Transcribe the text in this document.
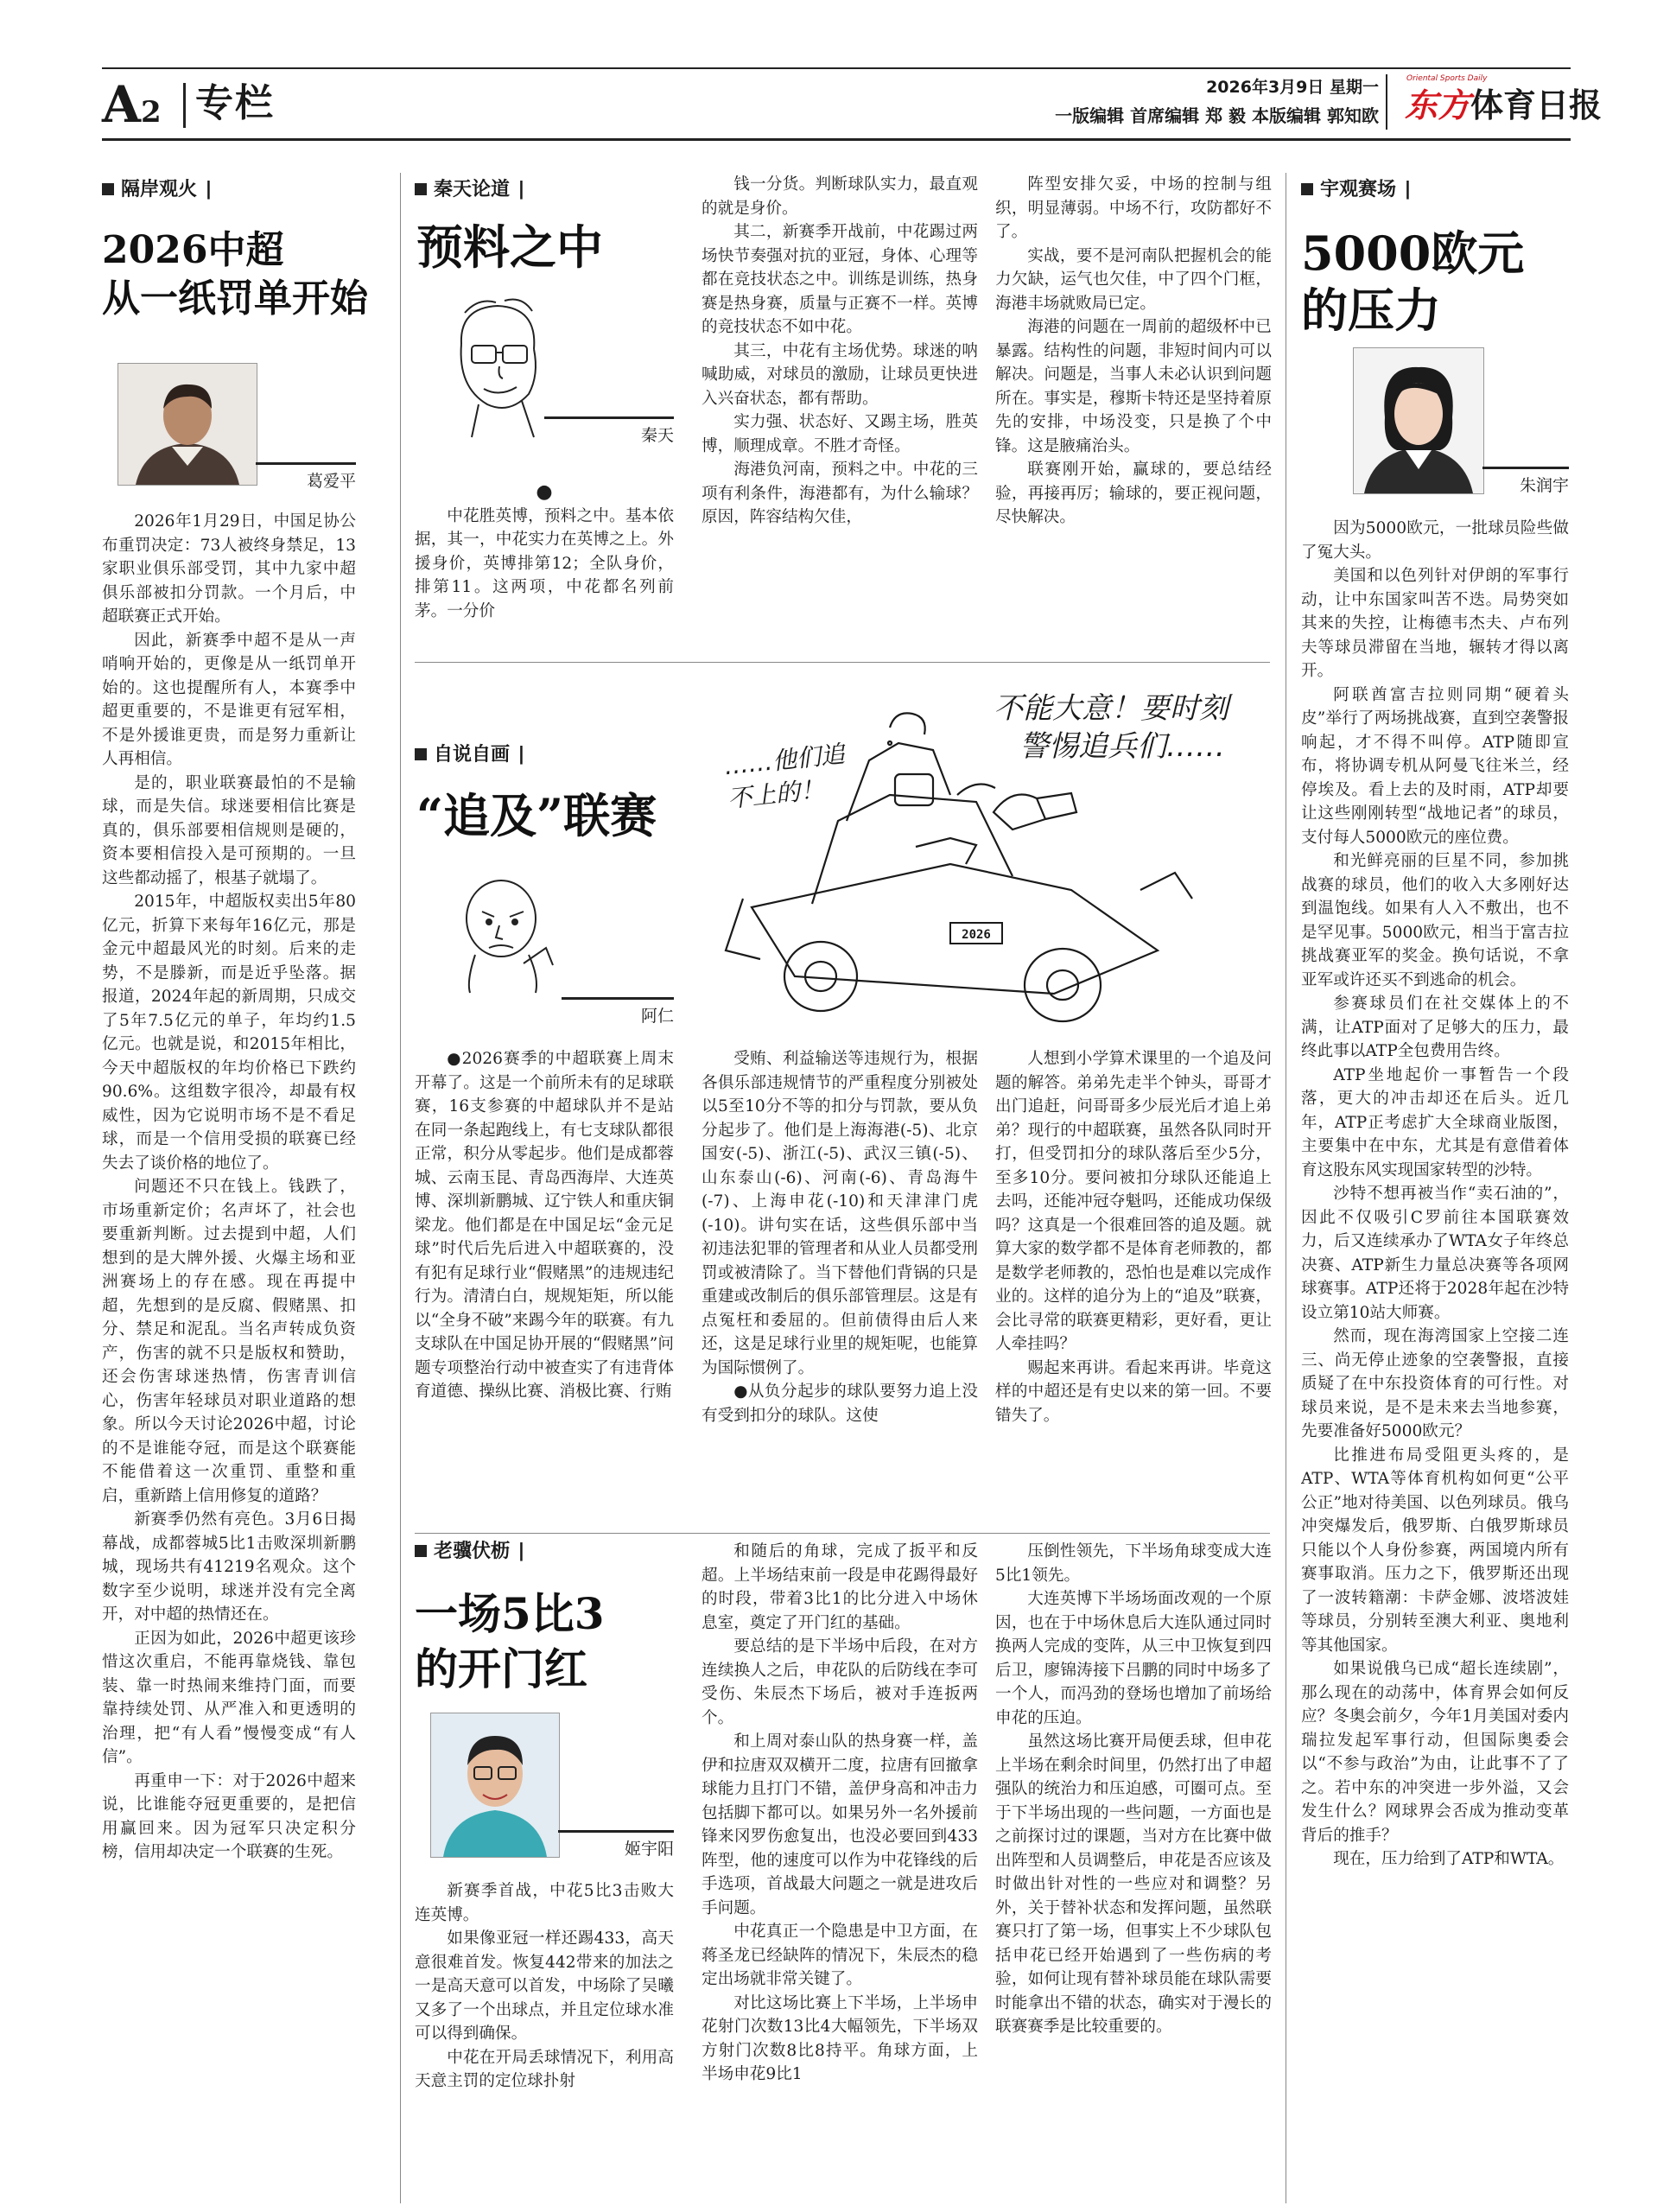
A2 专栏	2026年3月9日 星期一
一版编辑 首席编辑 郑 毅 本版编辑 郭知欧
Oriental Sports Daily
东方体育日报
隔岸观火 ∣
2026中超
从一纸罚单开始
葛爱平

2026年1月29日，中国足协公布重罚决定：73人被终身禁足，13家职业俱乐部受罚，其中九家中超俱乐部被扣分罚款。一个月后，中超联赛正式开始。

因此，新赛季中超不是从一声哨响开始的，更像是从一纸罚单开始的。这也提醒所有人，本赛季中超更重要的，不是谁更有冠军相，不是外援谁更贵，而是努力重新让人再相信。

是的，职业联赛最怕的不是输球，而是失信。球迷要相信比赛是真的，俱乐部要相信规则是硬的，资本要相信投入是可预期的。一旦这些都动摇了，根基子就塌了。

2015年，中超版权卖出5年80亿元，折算下来每年16亿元，那是金元中超最风光的时刻。后来的走势，不是滕新，而是近乎坠落。据报道，2024年起的新周期，只成交了5年7.5亿元的单子，年均约1.5亿元。也就是说，和2015年相比，今天中超版权的年均价格已下跌约90.6%。这组数字很冷，却最有权威性，因为它说明市场不是不看足球，而是一个信用受损的联赛已经失去了谈价格的地位了。

问题还不只在钱上。钱跌了，市场重新定价；名声坏了，社会也要重新判断。过去提到中超，人们想到的是大牌外援、火爆主场和亚洲赛场上的存在感。现在再提中超，先想到的是反腐、假赌黑、扣分、禁足和泥乱。当名声转成负资产，伤害的就不只是版权和赞助，还会伤害球迷热情，伤害青训信心，伤害年轻球员对职业道路的想象。所以今天讨论2026中超，讨论的不是谁能夺冠，而是这个联赛能不能借着这一次重罚、重整和重启，重新踏上信用修复的道路？

新赛季仍然有亮色。3月6日揭幕战，成都蓉城5比1击败深圳新鹏城，现场共有41219名观众。这个数字至少说明，球迷并没有完全离开，对中超的热情还在。

正因为如此，2026中超更该珍惜这次重启，不能再靠烧钱、靠包装、靠一时热闹来维持门面，而要靠持续处罚、从严准入和更透明的治理，把“有人看”慢慢变成“有人信”。

再重申一下：对于2026中超来说，比谁能夺冠更重要的，是把信用赢回来。因为冠军只决定积分榜，信用却决定一个联赛的生死。

秦天论道 ∣
预料之中
秦天

●

中花胜英博，预料之中。基本依据，其一，中花实力在英博之上。外援身价，英博排第12；全队身价，排第11。这两项，中花都名列前茅。一分价

钱一分货。判断球队实力，最直观的就是身价。

其二，新赛季开战前，中花踢过两场快节奏强对抗的亚冠，身体、心理等都在竞技状态之中。训练是训练，热身赛是热身赛，质量与正赛不一样。英博的竞技状态不如中花。

其三，中花有主场优势。球迷的呐喊助威，对球员的激励，让球员更快进入兴奋状态，都有帮助。

实力强、状态好、又踢主场，胜英博，顺理成章。不胜才奇怪。

海港负河南，预料之中。中花的三项有利条件，海港都有，为什么输球？原因，阵容结构欠佳，

阵型安排欠妥，中场的控制与组织，明显薄弱。中场不行，攻防都好不了。

实战，要不是河南队把握机会的能力欠缺，运气也欠佳，中了四个门框，海港丰场就败局已定。

海港的问题在一周前的超级杯中已暴露。结构性的问题，非短时间内可以解决。问题是，当事人未必认识到问题所在。事实是，穆斯卡特还是坚持着原先的安排，中场没变，只是换了个中锋。这是腋痛治头。

联赛刚开始，赢球的，要总结经验，再接再厉；输球的，要正视问题，尽快解决。

自说自画 ∣
“追及”联赛
阿仁
2026
……他们追不上的！
不能大意！要时刻
警惕追兵们……

●2026赛季的中超联赛上周末开幕了。这是一个前所未有的足球联赛，16支参赛的中超球队并不是站在同一条起跑线上，有七支球队都很正常，积分从零起步。他们是成都蓉城、云南玉昆、青岛西海岸、大连英博、深圳新鹏城、辽宁铁人和重庆铜梁龙。他们都是在中国足坛“金元足球”时代后先后进入中超联赛的，没有犯有足球行业“假赌黑”的违规违纪行为。清清白白，规规矩矩，所以能以“全身不破”来踢今年的联赛。有九支球队在中国足协开展的“假赌黑”问题专项整治行动中被查实了有违背体育道德、操纵比赛、消极比赛、行贿

受贿、利益输送等违规行为，根据各俱乐部违规情节的严重程度分别被处以5至10分不等的扣分与罚款，要从负分起步了。他们是上海海港(-5)、北京国安(-5)、浙江(-5)、武汉三镇(-5)、山东泰山(-6)、河南(-6)、青岛海牛(-7)、上海申花(-10)和天津津门虎(-10)。讲句实在话，这些俱乐部中当初违法犯罪的管理者和从业人员都受刑罚或被清除了。当下替他们背锅的只是重建或改制后的俱乐部管理层。这是有点冤枉和委屈的。但前债得由后人来还，这是足球行业里的规矩呢，也能算为国际惯例了。

●从负分起步的球队要努力追上没有受到扣分的球队。这使

人想到小学算术课里的一个追及问题的解答。弟弟先走半个钟头，哥哥才出门追赶，问哥哥多少辰光后才追上弟弟？现行的中超联赛，虽然各队同时开打，但受罚扣分的球队落后至少5分，至多10分。要问被扣分球队还能追上去吗，还能冲冠夺魁吗，还能成功保级吗？这真是一个很难回答的追及题。就算大家的数学都不是体育老师教的，都是数学老师教的，恐怕也是难以完成作业的。这样的追分为上的“追及”联赛，会比寻常的联赛更精彩，更好看，更让人牵挂吗？

赐起来再讲。看起来再讲。毕竟这样的中超还是有史以来的第一回。不要错失了。

老骥伏枥 ∣
一场5比3
的开门红
姬宇阳

新赛季首战，中花5比3击败大连英博。

如果像亚冠一样还踢433，高天意很难首发。恢复442带来的加法之一是高天意可以首发，中场除了吴曦又多了一个出球点，并且定位球水准可以得到确保。

中花在开局丢球情况下，利用高天意主罚的定位球扑射

和随后的角球，完成了扳平和反超。上半场结束前一段是申花踢得最好的时段，带着3比1的比分进入中场休息室，奠定了开门红的基础。

要总结的是下半场中后段，在对方连续换人之后，申花队的后防线在李可受伤、朱辰杰下场后，被对手连扳两个。

和上周对泰山队的热身赛一样，盖伊和拉唐双双横开二度，拉唐有回撤拿球能力且打门不错，盖伊身高和冲击力包括脚下都可以。如果另外一名外援前锋来冈罗伤愈复出，也没必要回到433阵型，他的速度可以作为中花锋线的后手选项，首战最大问题之一就是进攻后手问题。

中花真正一个隐患是中卫方面，在蒋圣龙已经缺阵的情况下，朱辰杰的稳定出场就非常关键了。

对比这场比赛上下半场，上半场申花射门次数13比4大幅领先，下半场双方射门次数8比8持平。角球方面，上半场申花9比1

压倒性领先，下半场角球变成大连5比1领先。

大连英博下半场场面改观的一个原因，也在于中场休息后大连队通过同时换两人完成的变阵，从三中卫恢复到四后卫，廖锦涛接下吕鹏的同时中场多了一个人，而冯劲的登场也增加了前场给申花的压迫。

虽然这场比赛开局便丢球，但申花上半场在剩余时间里，仍然打出了申超强队的统治力和压迫感，可圈可点。至于下半场出现的一些问题，一方面也是之前探讨过的课题，当对方在比赛中做出阵型和人员调整后，申花是否应该及时做出针对性的一些应对和调整？另外，关于替补状态和发挥问题，虽然联赛只打了第一场，但事实上不少球队包括申花已经开始遇到了一些伤病的考验，如何让现有替补球员能在球队需要时能拿出不错的状态，确实对于漫长的联赛赛季是比较重要的。

宇观赛场 ∣
5000欧元
的压力
朱润宇

因为5000欧元，一批球员险些做了冤大头。

美国和以色列针对伊朗的军事行动，让中东国家叫苦不迭。局势突如其来的失控，让梅德韦杰夫、卢布列夫等球员滞留在当地，辗转才得以离开。

阿联酋富吉拉则同期“硬着头皮”举行了两场挑战赛，直到空袭警报响起，才不得不叫停。ATP随即宣布，将协调专机从阿曼飞往米兰，经停埃及。看上去的及时雨，ATP却要让这些刚刚转型“战地记者”的球员，支付每人5000欧元的座位费。

和光鲜亮丽的巨星不同，参加挑战赛的球员，他们的收入大多刚好达到温饱线。如果有人入不敷出，也不是罕见事。5000欧元，相当于富吉拉挑战赛亚军的奖金。换句话说，不拿亚军或许还买不到逃命的机会。

参赛球员们在社交媒体上的不满，让ATP面对了足够大的压力，最终此事以ATP全包费用告终。

ATP坐地起价一事暂告一个段落，更大的冲击却还在后头。近几年，ATP正考虑扩大全球商业版图，主要集中在中东，尤其是有意借着体育这股东风实现国家转型的沙特。

沙特不想再被当作“卖石油的”，因此不仅吸引C罗前往本国联赛效力，后又连续承办了WTA女子年终总决赛、ATP新生力量总决赛等各项网球赛事。ATP还将于2028年起在沙特设立第10站大师赛。

然而，现在海湾国家上空接二连三、尚无停止迹象的空袭警报，直接质疑了在中东投资体育的可行性。对球员来说，是不是未来去当地参赛，先要准备好5000欧元？

比推进布局受阻更头疼的，是ATP、WTA等体育机构如何更“公平公正”地对待美国、以色列球员。俄乌冲突爆发后，俄罗斯、白俄罗斯球员只能以个人身份参赛，两国境内所有赛事取消。压力之下，俄罗斯还出现了一波转籍潮：卡萨金娜、波塔波娃等球员，分别转至澳大利亚、奥地利等其他国家。

如果说俄乌已成“超长连续剧”，那么现在的动荡中，体育界会如何反应？冬奥会前夕，今年1月美国对委内瑞拉发起军事行动，但国际奥委会以“不参与政治”为由，让此事不了了之。若中东的冲突进一步外溢，又会发生什么？网球界会否成为推动变革背后的推手？

现在，压力给到了ATP和WTA。
